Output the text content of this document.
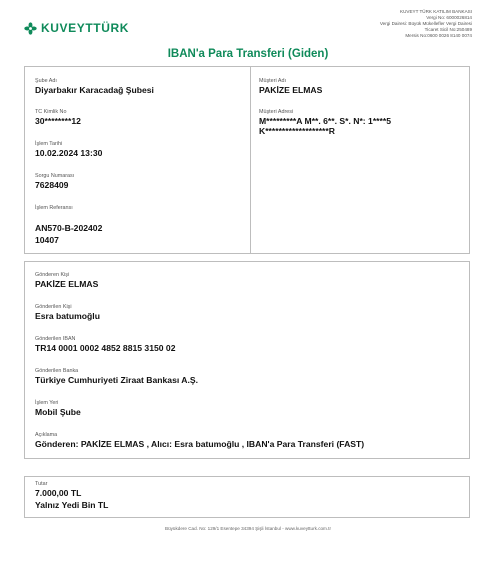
KUVEYTTÜRK
KUVEYT TÜRK KATILIM BANKASI
Vergi No: 6000026814
Vergi Dairesi: Büyük Mükellefler Vergi Dairesi
Ticaret Sicil No:250489
Mersis No:0600 0026 8140 0074
IBAN'a Para Transferi (Giden)
Şube Adı
Diyarbakır Karacadağ Şubesi
TC Kimlik No
30********12
İşlem Tarihi
10.02.2024 13:30
Sorgu Numarası
7628409
İşlem Referansı
AN570-B-202402
10407
Müşteri Adı
PAKİZE ELMAS
Müşteri Adresi
M*********A M**. 6**. S*. N*: 1****5
K*******************R
Gönderen Kişi
PAKİZE ELMAS
Gönderilen Kişi
Esra batumoğlu
Gönderilen IBAN
TR14 0001 0002 4852 8815 3150 02
Gönderilen Banka
Türkiye Cumhuriyeti Ziraat Bankası A.Ş.
İşlem Yeri
Mobil Şube
Açıklama
Gönderen: PAKİZE ELMAS , Alıcı: Esra batumoğlu , IBAN'a Para Transferi (FAST)
Tutar
7.000,00 TL
Yalnız Yedi Bin TL
Büyükdere Cad. No: 129/1 Esentepe 34394 Şişli İstanbul - www.kuveytturk.com.tr
